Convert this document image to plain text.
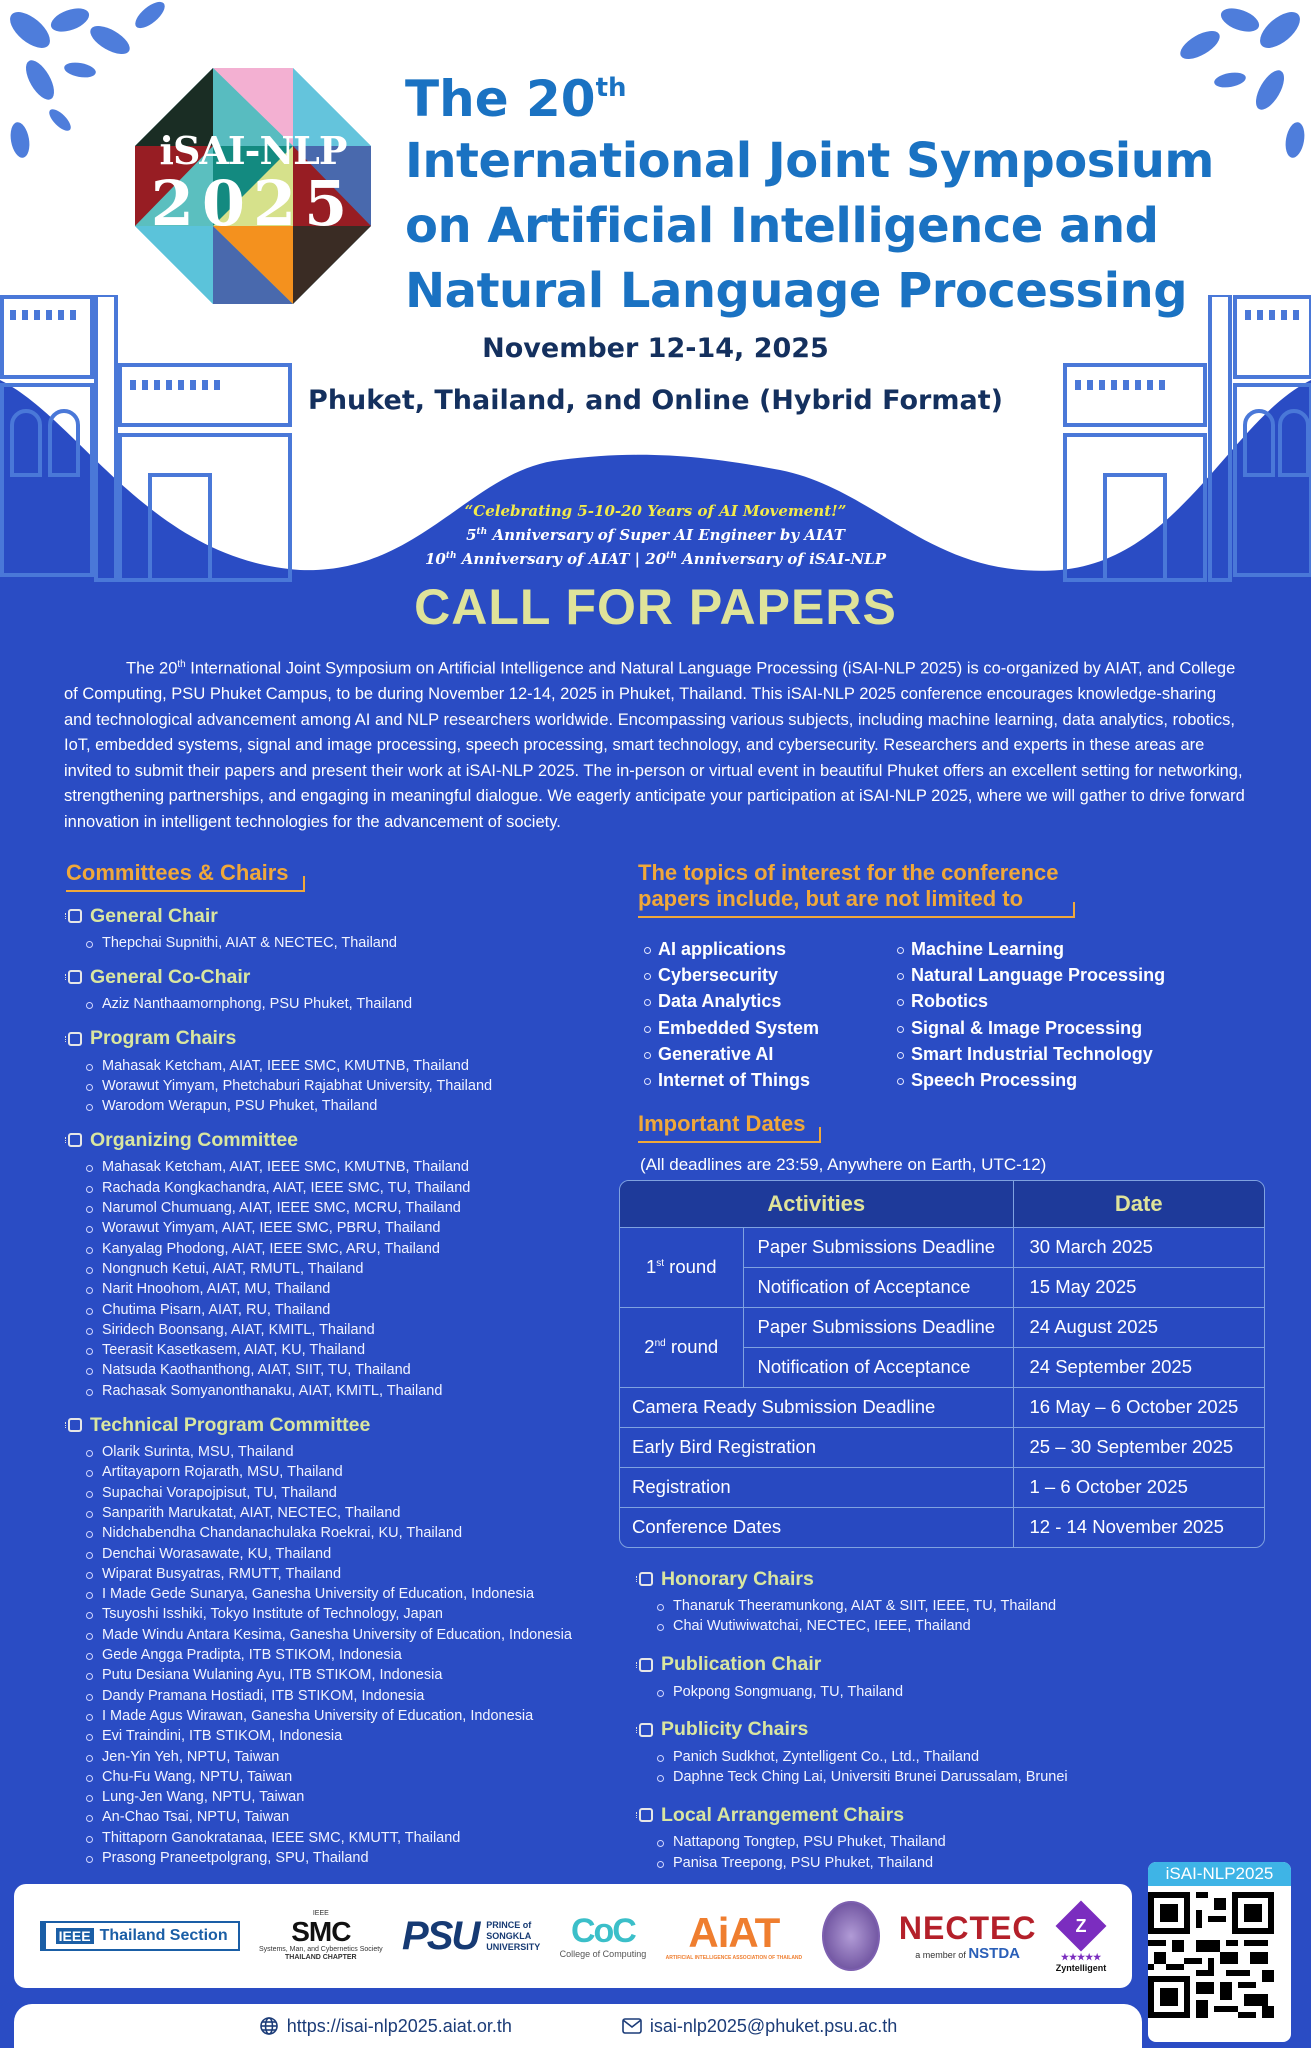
iSAI-NLP
2025
The 20th
International Joint Symposium
on Artificial Intelligence and
Natural Language Processing
November 12-14, 2025
Phuket, Thailand, and Online (Hybrid Format)
“Celebrating 5-10-20 Years of AI Movement!”
5th Anniversary of Super AI Engineer by AIAT
10th Anniversary of AIAT | 20th Anniversary of iSAI-NLP
CALL FOR PAPERS

The 20th International Joint Symposium on Artificial Intelligence and Natural Language Processing (iSAI-NLP 2025) is co-organized by AIAT, and College of Computing, PSU Phuket Campus, to be during November 12-14, 2025 in Phuket, Thailand. This iSAI-NLP 2025 conference encourages knowledge-sharing and technological advancement among AI and NLP researchers worldwide. Encompassing various subjects, including machine learning, data analytics, robotics, IoT, embedded systems, signal and image processing, speech processing, smart technology, and cybersecurity. Researchers and experts in these areas are invited to submit their papers and present their work at iSAI-NLP 2025. The in-person or virtual event in beautiful Phuket offers an excellent setting for networking, strengthening partnerships, and engaging in meaningful dialogue. We eagerly anticipate your participation at iSAI-NLP 2025, where we will gather to drive forward innovation in intelligent technologies for the advancement of society.

Committees & Chairs
General Chair
Thepchai Supnithi, AIAT & NECTEC, Thailand
General Co-Chair
Aziz Nanthaamornphong, PSU Phuket, Thailand
Program Chairs
Mahasak Ketcham, AIAT, IEEE SMC, KMUTNB, Thailand
Worawut Yimyam, Phetchaburi Rajabhat University, Thailand
Warodom Werapun, PSU Phuket, Thailand
Organizing Committee
Mahasak Ketcham, AIAT, IEEE SMC, KMUTNB, Thailand
Rachada Kongkachandra, AIAT, IEEE SMC, TU, Thailand
Narumol Chumuang, AIAT, IEEE SMC, MCRU, Thailand
Worawut Yimyam, AIAT, IEEE SMC, PBRU, Thailand
Kanyalag Phodong, AIAT, IEEE SMC, ARU, Thailand
Nongnuch Ketui, AIAT, RMUTL, Thailand
Narit Hnoohom, AIAT, MU, Thailand
Chutima Pisarn, AIAT, RU, Thailand
Siridech Boonsang, AIAT, KMITL, Thailand
Teerasit Kasetkasem, AIAT, KU, Thailand
Natsuda Kaothanthong, AIAT, SIIT, TU, Thailand
Rachasak Somyanonthanaku, AIAT, KMITL, Thailand
Technical Program Committee
Olarik Surinta, MSU, Thailand
Artitayaporn Rojarath, MSU, Thailand
Supachai Vorapojpisut, TU, Thailand
Sanparith Marukatat, AIAT, NECTEC, Thailand
Nidchabendha Chandanachulaka Roekrai, KU, Thailand
Denchai Worasawate, KU, Thailand
Wiparat Busyatras, RMUTT, Thailand
I Made Gede Sunarya, Ganesha University of Education, Indonesia
Tsuyoshi Isshiki, Tokyo Institute of Technology, Japan
Made Windu Antara Kesima, Ganesha University of Education, Indonesia
Gede Angga Pradipta, ITB STIKOM, Indonesia
Putu Desiana Wulaning Ayu, ITB STIKOM, Indonesia
Dandy Pramana Hostiadi, ITB STIKOM, Indonesia
I Made Agus Wirawan, Ganesha University of Education, Indonesia
Evi Traindini, ITB STIKOM, Indonesia
Jen-Yin Yeh, NPTU, Taiwan
Chu-Fu Wang, NPTU, Taiwan
Lung-Jen Wang, NPTU, Taiwan
An-Chao Tsai, NPTU, Taiwan
Thittaporn Ganokratanaa, IEEE SMC, KMUTT, Thailand
Prasong Praneetpolgrang, SPU, Thailand
The topics of interest for the conference
papers include, but are not limited to
AI applications	Machine Learning
Cybersecurity	Natural Language Processing
Data Analytics	Robotics
Embedded System	Signal & Image Processing
Generative AI	Smart Industrial Technology
Internet of Things	Speech Processing
Important Dates
(All deadlines are 23:59, Anywhere on Earth, UTC-12)
Activities		Date
1st round	Paper Submissions Deadline	30 March 2025
	Notification of Acceptance	15 May 2025
2nd round	Paper Submissions Deadline	24 August 2025
	Notification of Acceptance	24 September 2025
Camera Ready Submission Deadline		16 May – 6 October 2025
Early Bird Registration		25 – 30 September 2025
Registration		1 – 6 October 2025
Conference Dates		12 - 14 November 2025
Honorary Chairs
Thanaruk Theeramunkong, AIAT & SIIT, IEEE, TU, Thailand
Chai Wutiwiwatchai, NECTEC, IEEE, Thailand
Publication Chair
Pokpong Songmuang, TU, Thailand
Publicity Chairs
Panich Sudkhot, Zyntelligent Co., Ltd., Thailand
Daphne Teck Ching Lai, Universiti Brunei Darussalam, Brunei
Local Arrangement Chairs
Nattapong Tongtep, PSU Phuket, Thailand
Panisa Treepong, PSU Phuket, Thailand
IEEE Thailand Section
IEEE
SMC
Systems, Man, and Cybernetics Society
THAILAND CHAPTER PSU PRINCE of
SONGKLA
UNIVERSITY CoC
College of Computing AiAT
ARTIFICIAL INTELLIGENCE ASSOCIATION OF THAILAND
NECTEC
a member of NSTDA
Z
★★★★★
Zyntelligent
iSAI-NLP2025
https://isai-nlp2025.aiat.or.th	isai-nlp2025@phuket.psu.ac.th
